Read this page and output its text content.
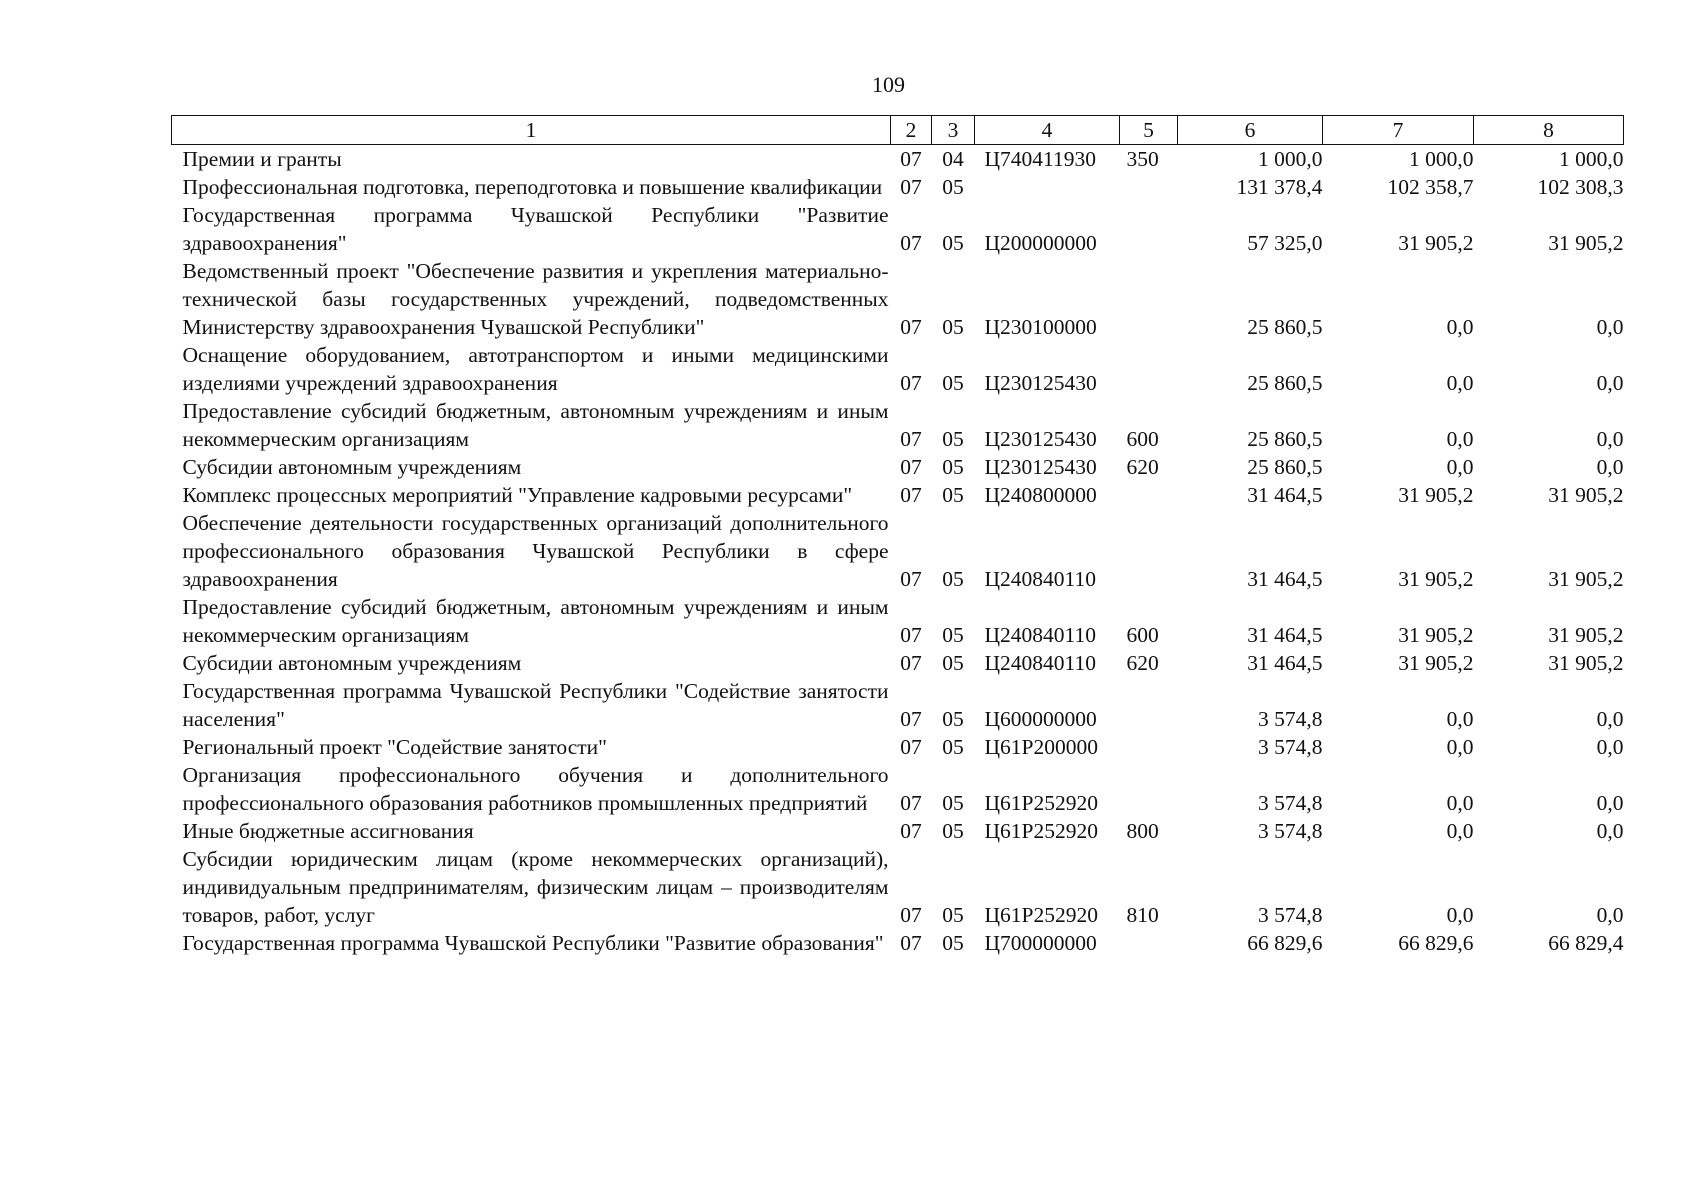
109
1	2	3	4	5	6	7	8
Премии и гранты	07	04	Ц740411930	350	1 000,0	1 000,0	1 000,0
Профессиональная подготовка, переподготовка и повышение квалификации	07	05			131 378,4	102 358,7	102 308,3
Государственная программа Чувашской Республики "Развитие здравоохранения"	07	05	Ц200000000		57 325,0	31 905,2	31 905,2
Ведомственный проект "Обеспечение развития и укрепления материально-технической базы государственных учреждений, подведомственных Министерству здравоохранения Чувашской Республики"	07	05	Ц230100000		25 860,5	0,0	0,0
Оснащение оборудованием, автотранспортом и иными медицинскими изделиями учреждений здравоохранения	07	05	Ц230125430		25 860,5	0,0	0,0
Предоставление субсидий бюджетным, автономным учреждениям и иным некоммерческим организациям	07	05	Ц230125430	600	25 860,5	0,0	0,0
Субсидии автономным учреждениям	07	05	Ц230125430	620	25 860,5	0,0	0,0
Комплекс процессных мероприятий "Управление кадровыми ресурсами"	07	05	Ц240800000		31 464,5	31 905,2	31 905,2
Обеспечение деятельности государственных организаций дополнительного профессионального образования Чувашской Республики в сфере здравоохранения	07	05	Ц240840110		31 464,5	31 905,2	31 905,2
Предоставление субсидий бюджетным, автономным учреждениям и иным некоммерческим организациям	07	05	Ц240840110	600	31 464,5	31 905,2	31 905,2
Субсидии автономным учреждениям	07	05	Ц240840110	620	31 464,5	31 905,2	31 905,2
Государственная программа Чувашской Республики "Содействие занятости населения"	07	05	Ц600000000		3 574,8	0,0	0,0
Региональный проект "Содействие занятости"	07	05	Ц61Р200000		3 574,8	0,0	0,0
Организация профессионального обучения и дополнительного профессионального образования работников промышленных предприятий	07	05	Ц61Р252920		3 574,8	0,0	0,0
Иные бюджетные ассигнования	07	05	Ц61Р252920	800	3 574,8	0,0	0,0
Субсидии юридическим лицам (кроме некоммерческих организаций), индивидуальным предпринимателям, физическим лицам – производителям товаров, работ, услуг	07	05	Ц61Р252920	810	3 574,8	0,0	0,0
Государственная программа Чувашской Республики "Развитие образования"	07	05	Ц700000000		66 829,6	66 829,6	66 829,4
